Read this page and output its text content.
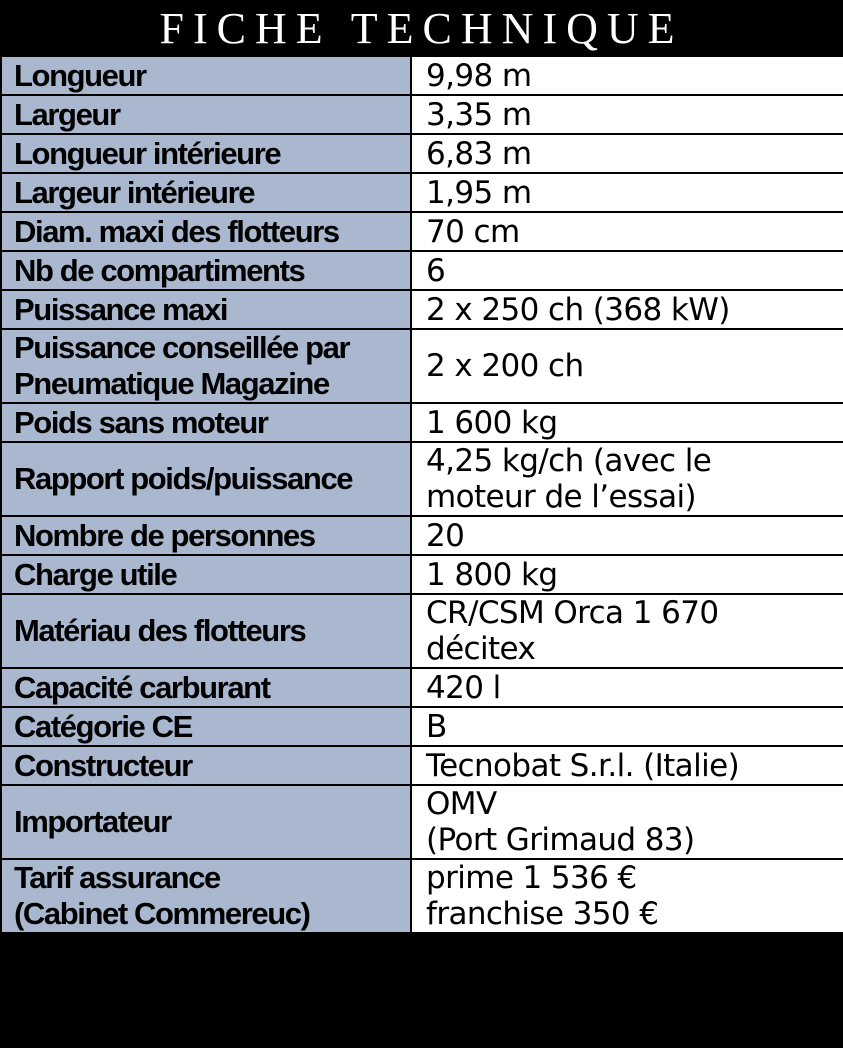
FICHE TECHNIQUE
Longueur	9,98 m

Largeur	3,35 m

Longueur intérieure	6,83 m

Largeur intérieure	1,95 m

Diam. maxi des flotteurs	70 cm

Nb de compartiments	6

Puissance maxi	2 x 250 ch (368 kW)

Puissance conseillée par
Pneumatique Magazine	2 x 200 ch

Poids sans moteur	1 600 kg

Rapport poids/puissance	4,25 kg/ch (avec le
moteur de l’essai)

Nombre de personnes	20

Charge utile	1 800 kg

Matériau des flotteurs	CR/CSM Orca 1 670
décitex

Capacité carburant	420 l

Catégorie CE	B

Constructeur	Tecnobat S.r.l. (Italie)

Importateur	OMV
(Port Grimaud 83)

Tarif assurance
(Cabinet Commereuc)	prime 1 536 €
franchise 350 €
